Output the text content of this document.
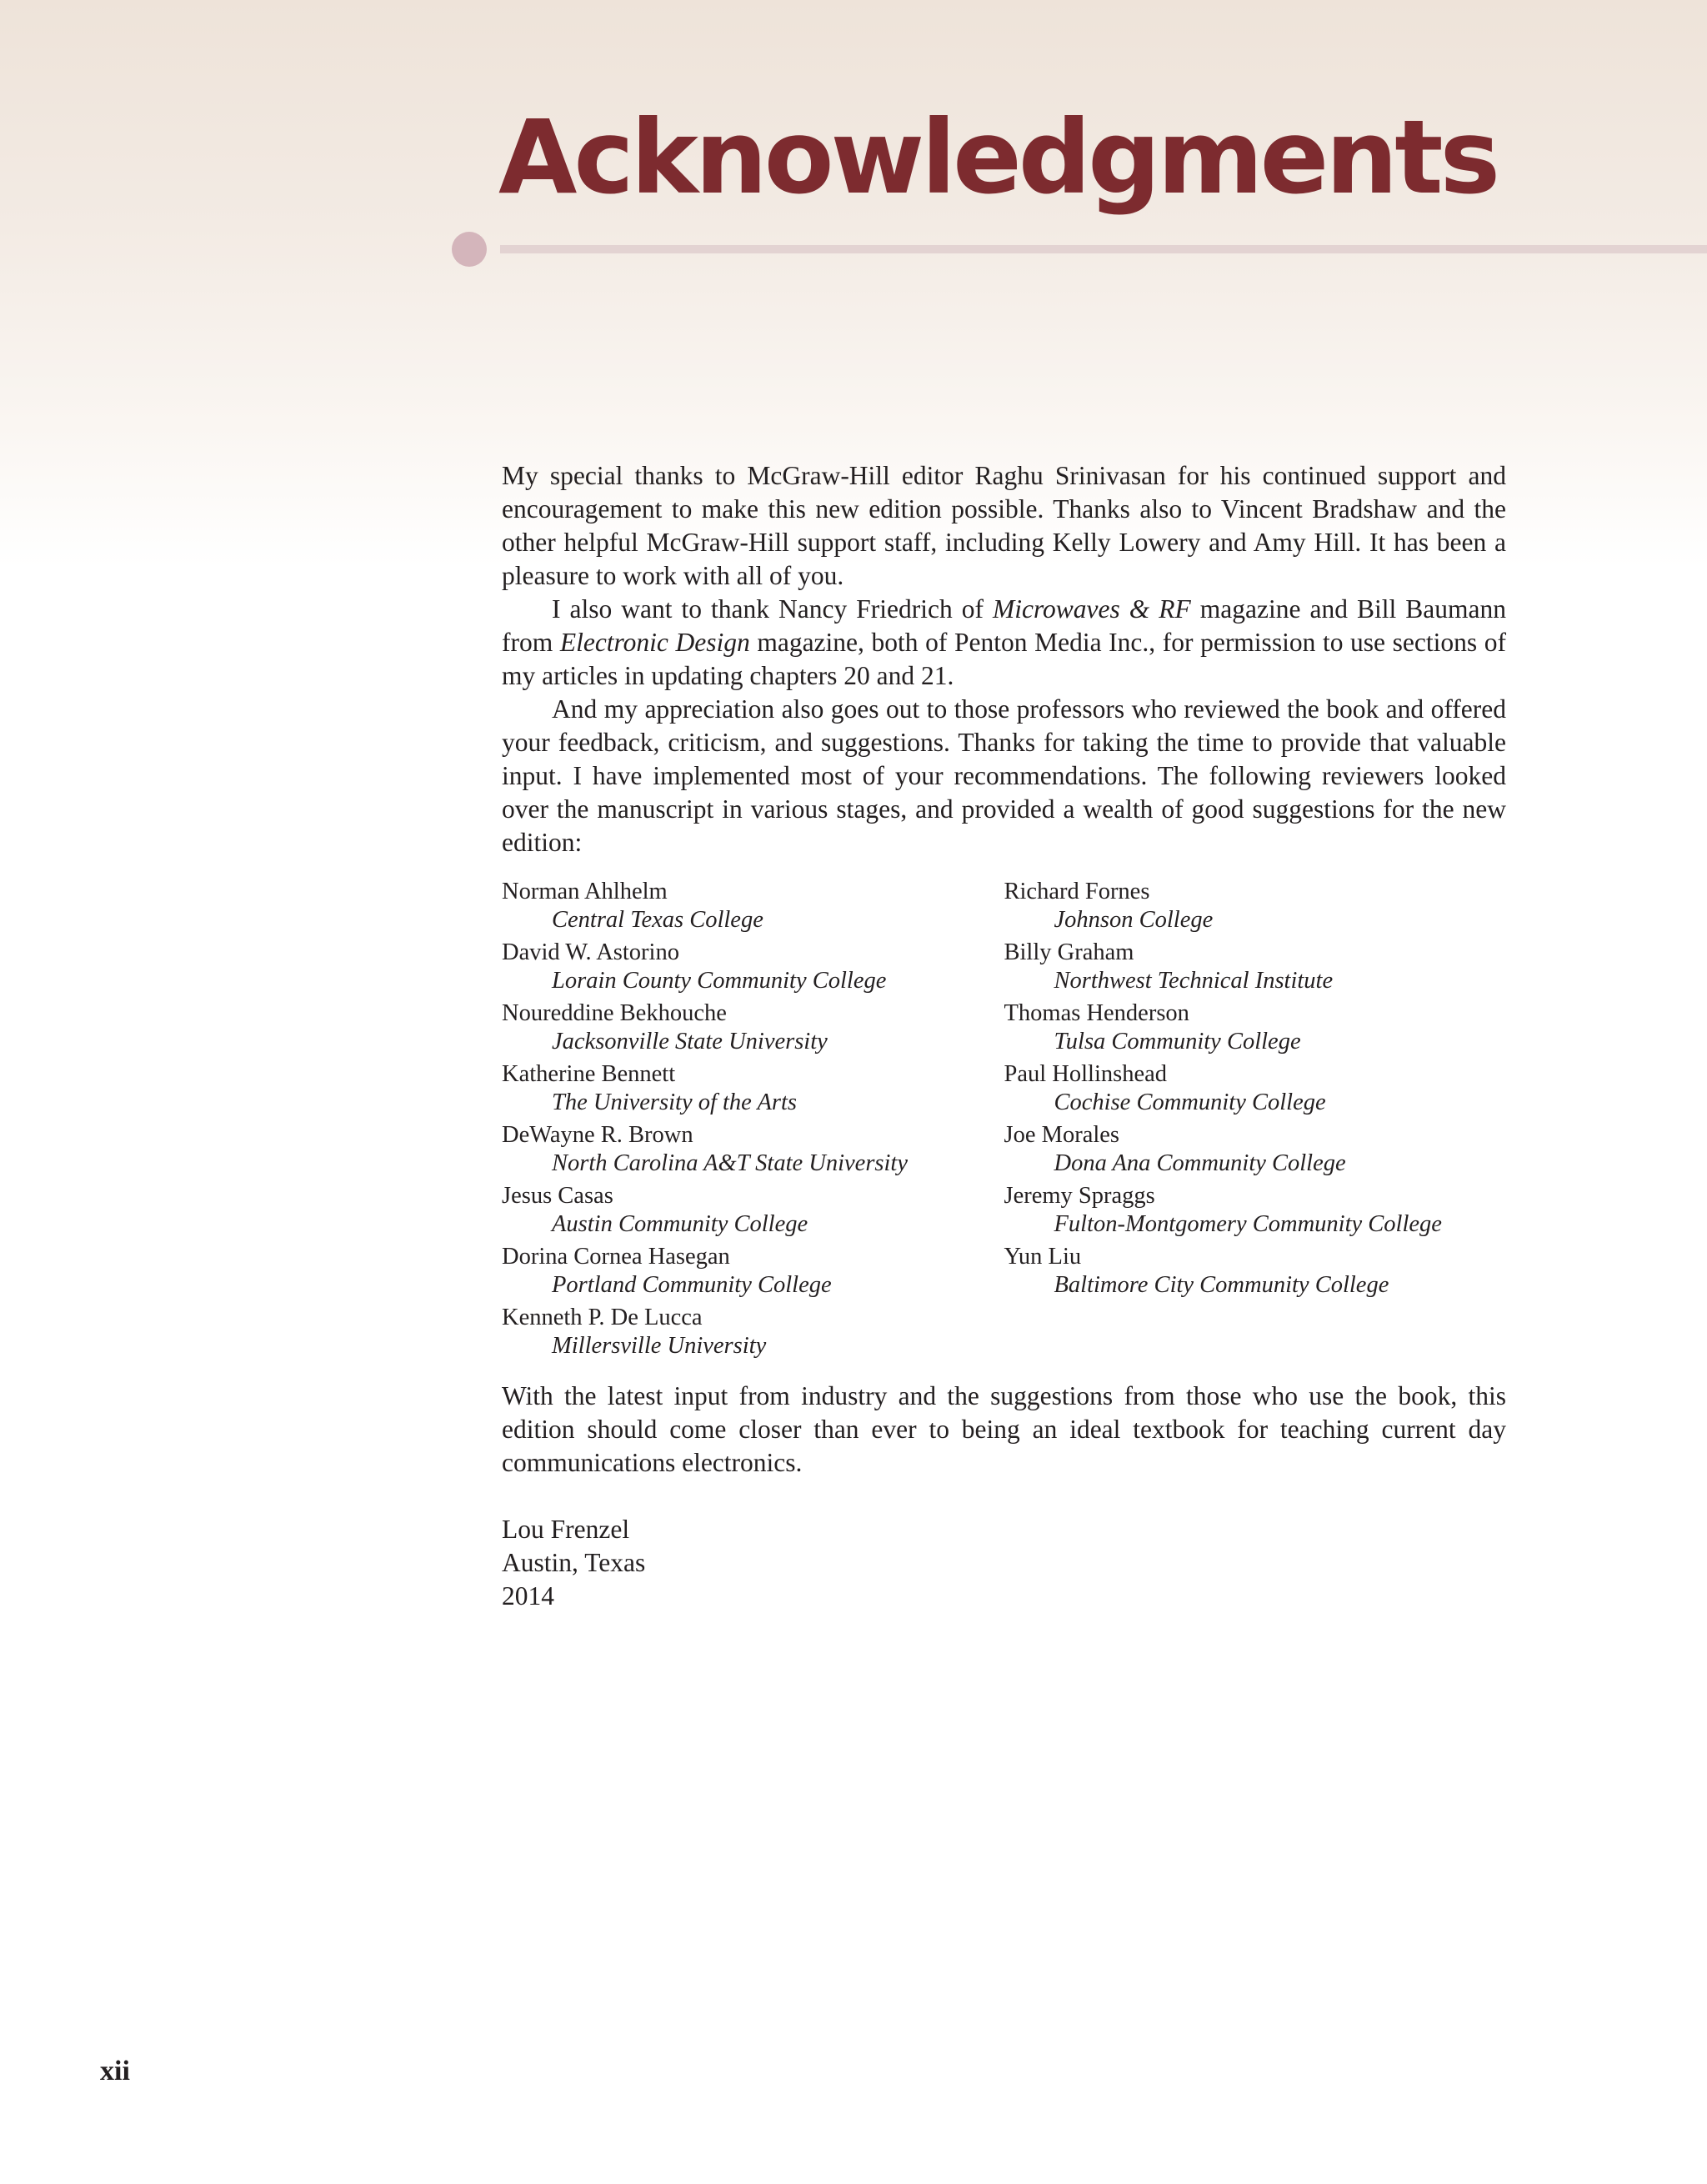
Acknowledgments

My special thanks to McGraw-Hill editor Raghu Srinivasan for his continued support and encouragement to make this new edition possible. Thanks also to Vincent Bradshaw and the other helpful McGraw-Hill support staff, including Kelly Lowery and Amy Hill. It has been a pleasure to work with all of you.

I also want to thank Nancy Friedrich of Microwaves & RF magazine and Bill Baumann from Electronic Design magazine, both of Penton Media Inc., for permission to use sections of my articles in updating chapters 20 and 21.

And my appreciation also goes out to those professors who reviewed the book and offered your feedback, criticism, and suggestions. Thanks for taking the time to provide that valuable input. I have implemented most of your recommendations. The following reviewers looked over the manuscript in various stages, and provided a wealth of good suggestions for the new edition:

Norman Ahlhelm
Central Texas College
David W. Astorino
Lorain County Community College
Noureddine Bekhouche
Jacksonville State University
Katherine Bennett
The University of the Arts
DeWayne R. Brown
North Carolina A&T State University
Jesus Casas
Austin Community College
Dorina Cornea Hasegan
Portland Community College
Kenneth P. De Lucca
Millersville University
Richard Fornes
Johnson College
Billy Graham
Northwest Technical Institute
Thomas Henderson
Tulsa Community College
Paul Hollinshead
Cochise Community College
Joe Morales
Dona Ana Community College
Jeremy Spraggs
Fulton-Montgomery Community College
Yun Liu
Baltimore City Community College

With the latest input from industry and the suggestions from those who use the book, this edition should come closer than ever to being an ideal textbook for teaching current day communications electronics.

Lou Frenzel
Austin, Texas
2014
xii
